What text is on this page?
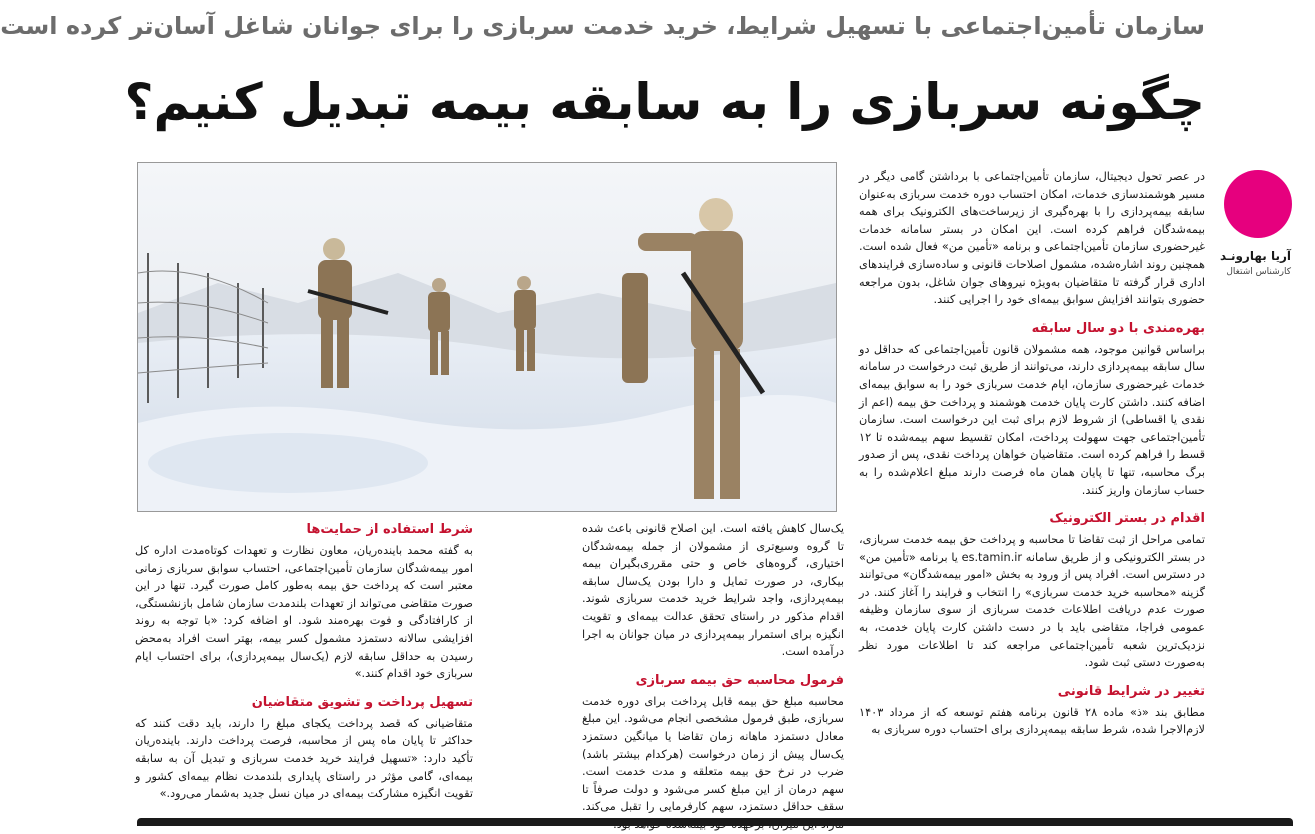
سازمان تأمین‌اجتماعی با تسهیل شرایط، خرید خدمت سربازی را برای جوانان شاغل آسان‌تر کرده است
چگونه سربازی را به سابقه بیمه تبدیل کنیم؟
آریا بهارونـد
کارشناس اشتغال

در عصر تحول دیجیتال، سازمان تأمین‌اجتماعی با برداشتن گامی دیگر در مسیر هوشمندسازی خدمات، امکان احتساب دوره خدمت سربازی به‌عنوان سابقه بیمه‌پردازی را با بهره‌گیری از زیرساخت‌های الکترونیک برای همه بیمه‌شدگان فراهم کرده است. این امکان در بستر سامانه خدمات غیرحضوری سازمان تأمین‌اجتماعی و برنامه «تأمین من» فعال شده است. همچنین روند اشاره‌شده، مشمول اصلاحات قانونی و ساده‌سازی فرایندهای اداری قرار گرفته تا متقاضیان به‌ویژه نیروهای جوان شاغل، بدون مراجعه حضوری بتوانند افزایش سوابق بیمه‌ای خود را اجرایی کنند.

بهره‌مندی با دو سال سابقه

براساس قوانین موجود، همه مشمولان قانون تأمین‌اجتماعی که حداقل دو سال سابقه بیمه‌پردازی دارند، می‌توانند از طریق ثبت درخواست در سامانه خدمات غیرحضوری سازمان، ایام خدمت سربازی خود را به سوابق بیمه‌ای اضافه کنند. داشتن کارت پایان خدمت هوشمند و پرداخت حق بیمه (اعم از نقدی یا اقساطی) از شروط لازم برای ثبت این درخواست است. سازمان تأمین‌اجتماعی جهت سهولت پرداخت، امکان تقسیط سهم بیمه‌شده تا ۱۲ قسط را فراهم کرده است. متقاضیان خواهان پرداخت نقدی، پس از صدور برگ محاسبه، تنها تا پایان همان ماه فرصت دارند مبلغ اعلام‌شده را به حساب سازمان واریز کنند.

اقدام در بستر الکترونیک

تمامی مراحل از ثبت تقاضا تا محاسبه و پرداخت حق بیمه خدمت سربازی، در بستر الکترونیکی و از طریق سامانه es.tamin.ir یا برنامه «تأمین من» در دسترس است. افراد پس از ورود به بخش «امور بیمه‌شدگان» می‌توانند گزینه «محاسبه خرید خدمت سربازی» را انتخاب و فرایند را آغاز کنند. در صورت عدم دریافت اطلاعات خدمت سربازی از سوی سازمان وظیفه عمومی فراجا، متقاضی باید با در دست داشتن کارت پایان خدمت، به نزدیک‌ترین شعبه تأمین‌اجتماعی مراجعه کند تا اطلاعات مورد نظر به‌صورت دستی ثبت شود.

تغییر در شرایط قانونی

مطابق بند «ذ» ماده ۲۸ قانون برنامه هفتم توسعه که از مرداد ۱۴۰۳ لازم‌الاجرا شده، شرط سابقه بیمه‌پردازی برای احتساب دوره سربازی به

یک‌سال کاهش یافته است. این اصلاح قانونی باعث شده تا گروه وسیع‌تری از مشمولان از جمله بیمه‌شدگان اختیاری، گروه‌های خاص و حتی مقرری‌بگیران بیمه بیکاری، در صورت تمایل و دارا بودن یک‌سال سابقه بیمه‌پردازی، واجد شرایط خرید خدمت سربازی شوند. اقدام مذکور در راستای تحقق عدالت بیمه‌ای و تقویت انگیزه برای استمرار بیمه‌پردازی در میان جوانان به اجرا درآمده است.

فرمول محاسبه حق بیمه سربازی

محاسبه مبلغ حق بیمه قابل پرداخت برای دوره خدمت سربازی، طبق فرمول مشخصی انجام می‌شود. این مبلغ معادل دستمزد ماهانه زمان تقاضا یا میانگین دستمزد یک‌سال پیش از زمان درخواست (هرکدام بیشتر باشد) ضرب در نرخ حق بیمه متعلقه و مدت خدمت است. سهم درمان از این مبلغ کسر می‌شود و دولت صرفاً تا سقف حداقل دستمزد، سهم کارفرمایی را تقبل می‌کند.

شرط استفاده از حمایت‌ها

به گفته محمد باینده‌ریان، معاون نظارت و تعهدات کوتاه‌مدت اداره کل امور بیمه‌شدگان سازمان تأمین‌اجتماعی، احتساب سوابق سربازی زمانی معتبر است که پرداخت حق بیمه به‌طور کامل صورت گیرد. تنها در این صورت متقاضی می‌تواند از تعهدات بلندمدت سازمان شامل بازنشستگی، از کارافتادگی و فوت بهره‌مند شود. او اضافه کرد: «با توجه به روند افزایشی سالانه دستمزد مشمول کسر بیمه، بهتر است افراد به‌محض رسیدن به حداقل سابقه لازم (یک‌سال بیمه‌پردازی)، برای احتساب ایام سربازی خود اقدام کنند.»

تسهیل پرداخت و تشویق متقاضیان

متقاضیانی که قصد پرداخت یکجای مبلغ را دارند، باید دقت کنند که حداکثر تا پایان ماه پس از محاسبه، فرصت پرداخت دارند. باینده‌ریان تأکید دارد: «تسهیل فرایند خرید خدمت سربازی و تبدیل آن به سابقه بیمه‌ای، گامی مؤثر در راستای پایداری بلندمدت نظام بیمه‌ای کشور و تقویت انگیزه مشارکت بیمه‌ای در میان نسل جدید به‌شمار می‌رود.»
